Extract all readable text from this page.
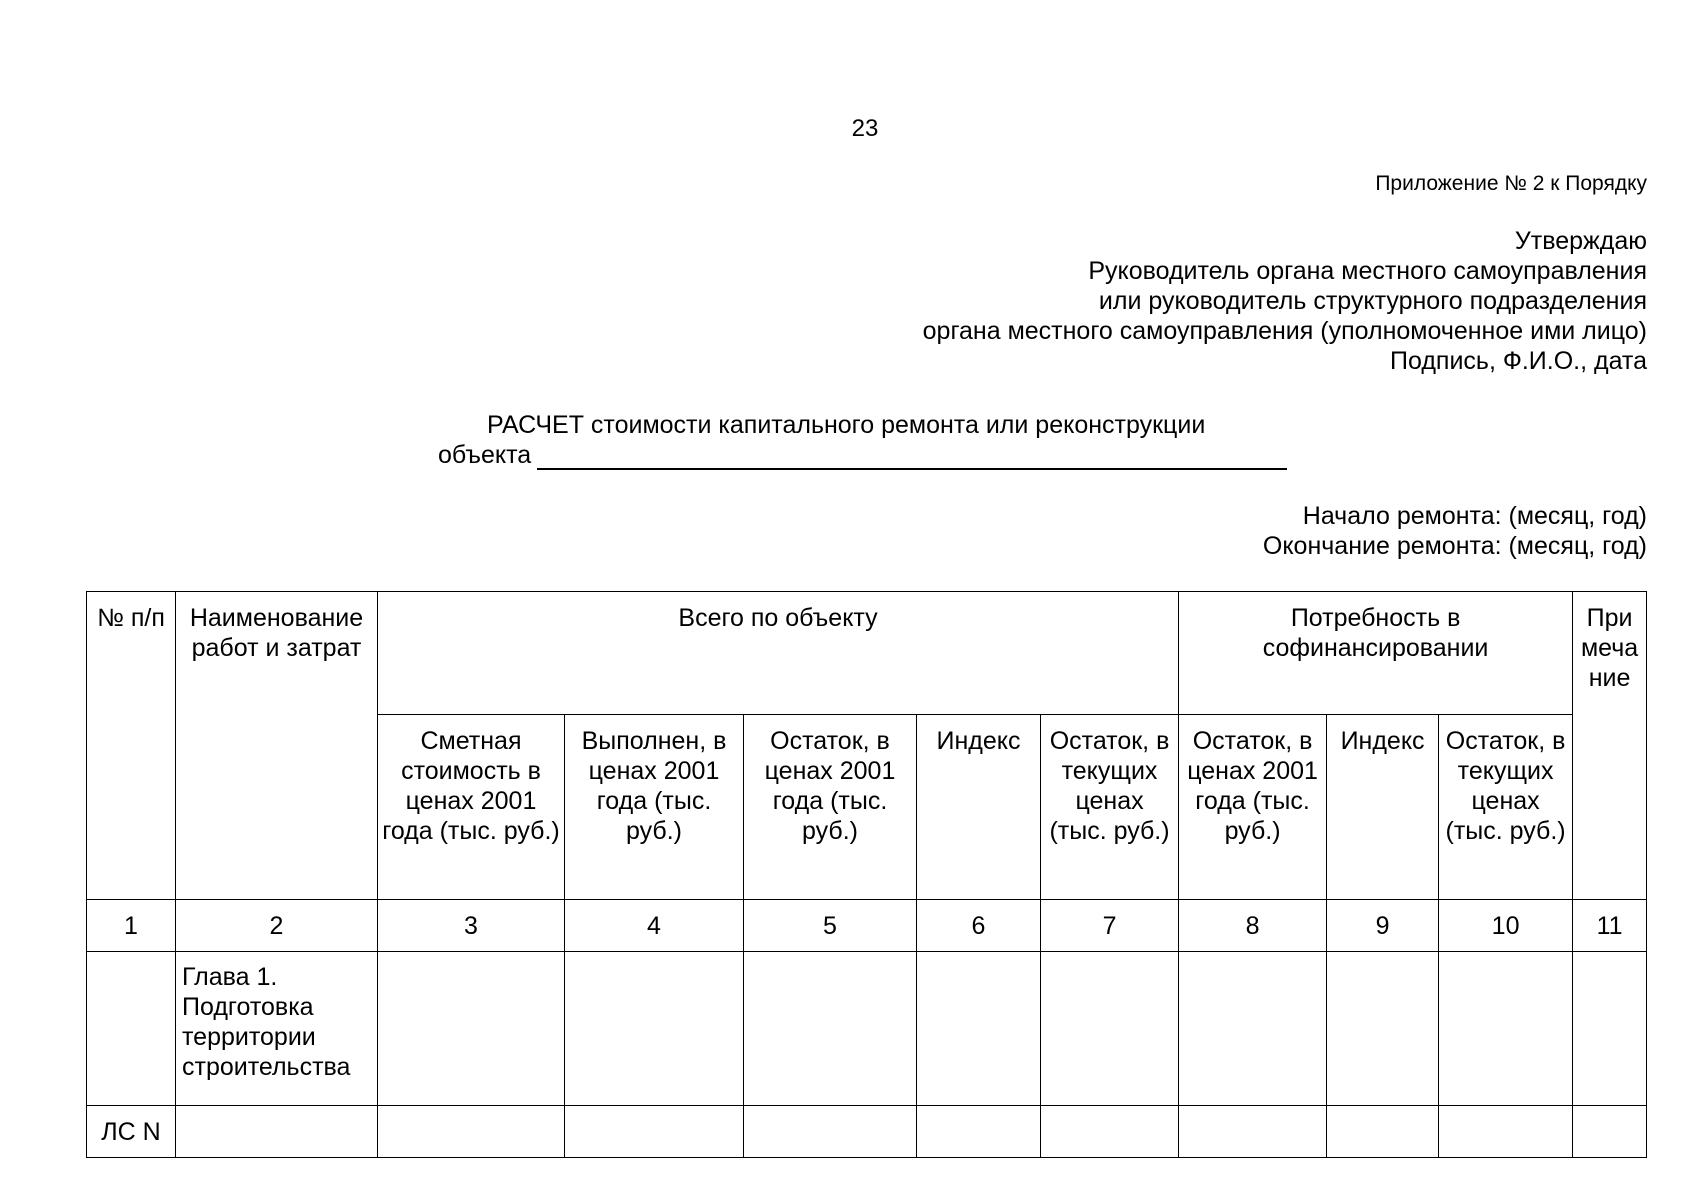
23
Приложение № 2 к Порядку
Утверждаю
Руководитель органа местного самоуправления
или руководитель структурного подразделения
органа местного самоуправления (уполномоченное ими лицо)
Подпись, Ф.И.О., дата
РАСЧЕТ стоимости капитального ремонта или реконструкции
объекта
Начало ремонта: (месяц, год)
Окончание ремонта: (месяц, год)
№ п/п	Наименование работ и затрат	Всего по объекту					Потребность в софинансировании			При меча ние
		Сметная стоимость в ценах 2001 года (тыс. руб.)	Выполнен, в ценах 2001 года (тыс. руб.)	Остаток, в ценах 2001 года (тыс. руб.)	Индекс	Остаток, в текущих ценах (тыс. руб.)	Остаток, в ценах 2001 года (тыс. руб.)	Индекс	Остаток, в текущих ценах (тыс. руб.)	
1	2	3	4	5	6	7	8	9	10	11
	Глава 1. Подготовка территории строительства									
ЛС N										
